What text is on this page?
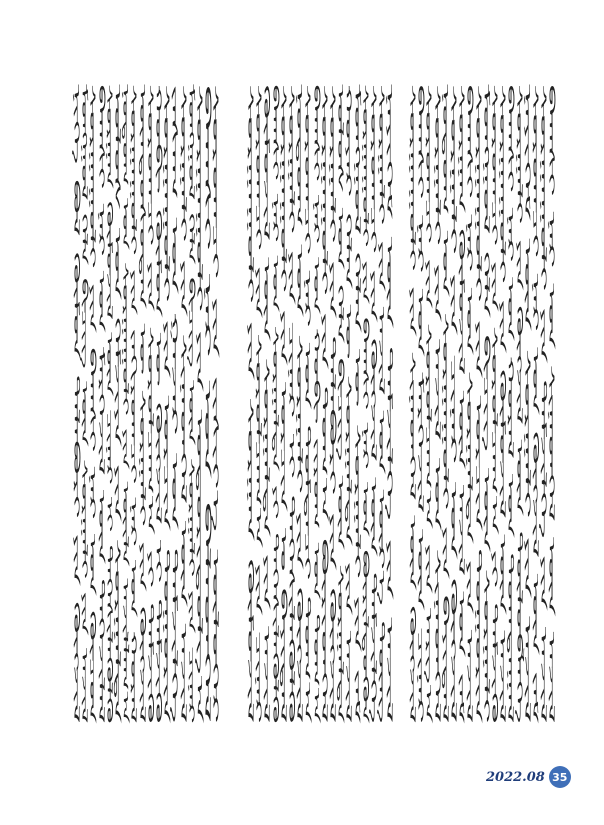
ᠨᠢᠭᠡ ᠪᠣᠯ ᠬᠦᠮᠦᠨ ᠲᠠᠯᠠᠪᠤᠷᠢ ᠶᠢᠨ ᠬᠦᠭᠵᠢᠯ ᠮᠤᠩᠭᠤᠯ ᠬᠡᠯᠡ ᠪᠢᠴᠢᠭ ᠦᠨ ᠰᠤᠷᠭᠠᠯᠢ ᠶᠢᠨ ᠠᠵᠢᠯ ᠰᠤᠷᠭᠠᠭᠤᠯᠢ ᠶᠢᠨ ᠪᠠᠭᠰᠢ ᠨᠠᠷ ᠤᠨ ᠬᠦᠴᠦᠨ ᠪᠠᠭᠰᠢ ᠨᠠᠷ ᠤᠨ ᠮᠡᠷᠭᠡᠵᠢᠯ ᠦᠨ ᠳᠡᠭᠡᠵᠢᠯᠡᠯ ᠰᠤᠷᠭᠠᠨ ᠬᠦᠮᠦᠵᠢᠯ ᠦᠨ ᠴᠢᠨᠠᠷ ᠢ ᠳᠡᠭᠡᠰᠢᠯᠡᠭᠦᠯᠬᠦ ᠤᠯᠤᠰ ᠤᠨ ᠬᠡᠮᠵᠢᠶᠡ ᠶᠢᠨ ᠰᠤᠷᠭᠠᠯᠲᠠ ᠨᠤᠲᠤᠭ ᠤᠨ ᠰᠤᠷᠭᠠᠭᠤᠯᠢ ᠶᠢᠨ ᠦᠢᠯᠡ ᠠᠵᠢᠯᠯᠠᠭ᠎ᠠ ᠰᠤᠷᠭᠠᠭᠤᠯᠢ ᠶᠢᠨ ᠵᠠᠬᠢᠷᠤᠭᠴᠢ ᠨᠠᠷ ᠤᠨ ᠬᠤᠷᠠᠯ ᠦᠨᠳᠦᠰᠦᠲᠡᠨ ᠦ ᠰᠤᠷᠭᠠᠯᠢ ᠶᠢᠨ ᠬᠦᠭᠵᠢᠯ ᠰᠤᠷᠤᠭᠴᠢ ᠶᠢᠨ ᠰᠤᠷᠤᠯᠴᠠᠭ᠎ᠠ ᠶᠢ ᠳᠡᠮᠵᠢᠬᠦ ᠬᠤᠪᠢ ᠬᠦᠮᠦᠨ ᠦ ᠬᠦᠭᠵᠢᠯ ᠢ ᠳᠡᠮᠵᠢᠬᠦ ᠰᠤᠷᠭᠠᠭᠤᠯᠢ ᠶᠢᠨ ᠣᠷᠴᠢᠨ ᠲᠣᠭᠣᠷᠢᠨ ᠵᠠᠰᠠᠭ ᠤᠨ ᠭᠠᠵᠠᠷ ᠤᠨ ᠳᠡᠮᠵᠢᠯᠭᠡ ᠰᠤᠷᠭᠠᠯᠢ ᠶᠢᠨ ᠰᠢᠨᠡᠳᠬᠡᠯ ᠦᠨ ᠠᠵᠢᠯ ᠮᠣᠩᠭᠣᠯ ᠬᠡᠯᠡ ᠪᠢᠴᠢᠭ ᠦᠨ ᠰᠤᠷᠭᠠᠯᠢ ᠶᠢᠨ ᠴᠢᠨᠠᠷ ᠰᠤᠷᠭᠠᠭᠤᠯᠢ ᠶᠢᠨ ᠤᠳᠤᠷᠢᠳᠤᠯᠭ᠎ᠠ ᠪᠠᠭᠰᠢ ᠨᠠᠷ ᠤᠨ ᠪᠡᠯᠡᠳᠬᠡᠯ ᠰᠤᠷᠤᠭᠴᠢ ᠶᠢᠨ ᠵᠢᠰᠢᠶ᠎ᠡ ᠦᠯᠦᠬᠡᠷ	ᠰᠤᠷᠭᠠᠭᠤᠯᠢ ᠶᠢᠨ ᠰᠤᠷᠭᠠᠨ ᠬᠦᠮᠦᠵᠢᠯ ᠰᠤᠷᠤᠭᠴᠢ ᠶᠢᠨ ᠰᠤᠷᠤᠯᠴᠠᠭ᠎ᠠ ᠶᠢᠨ ᠴᠢᠨᠠᠷ ᠬᠦᠮᠦᠵᠢᠯ ᠦᠨ ᠰᠤᠷᠭᠠᠯᠲᠠ ᠶᠢᠨ ᠠᠵᠢᠯ ᠪᠠᠭᠰᠢ ᠨᠠᠷ ᠤᠨ ᠰᠤᠷᠭᠠᠯᠲᠠ ᠶᠢ ᠳᠡᠭᠡᠰᠢᠯᠡᠭᠦᠯᠬᠦ ᠰᠤᠷᠭᠠᠭᠤᠯᠢ ᠶᠢᠨ ᠣᠷᠴᠢᠨ ᠤ ᠪᠠᠶᠢᠳᠠᠯ ᠰᠤᠷᠭᠠᠯᠢ ᠶᠢᠨ ᠴᠢᠨᠠᠷ ᠢ ᠳᠡᠭᠡᠰᠢᠯᠡᠭᠦᠯᠬᠦ ᠨᠤᠲᠤᠭ ᠤᠨ ᠰᠤᠷᠭᠠᠯᠢ ᠶᠢᠨ ᠬᠦᠭᠵᠢᠯ ᠰᠤᠷᠤᠭᠴᠢ ᠨᠠᠷ ᠤᠨ ᠳᠤᠮᠳᠠᠴᠢ ᠲᠤᠭ᠎ᠠ ᠪᠠᠭᠰᠢ ᠨᠠᠷ ᠤᠨ ᠬᠤᠪᠢ ᠵᠢᠷᠤᠭ ᠤᠨ ᠲᠤᠭ᠎ᠠ ᠰᠤᠷᠭᠠᠭᠤᠯᠢ ᠶᠢᠨ ᠲᠣᠭ᠎ᠠ ᠪᠦᠷᠢᠳᠭᠡᠯ ᠰᠤᠷᠭᠠᠯᠢ ᠶᠢᠨ ᠲᠠᠯᠠᠪᠤᠷᠢ ᠶᠢᠨ ᠬᠦᠭᠵᠢᠯ ᠤᠯᠤᠰ ᠤᠨ ᠬᠡᠯᠡ ᠪᠢᠴᠢᠭ ᠦᠨ ᠰᠤᠷᠭᠠᠯᠲᠠ ᠬᠤᠶᠠᠷ ᠬᠡᠯᠡᠨ ᠦ ᠰᠤᠷᠭᠠᠯᠲᠠ ᠶᠢᠨ ᠠᠵᠢᠯ ᠮᠣᠩᠭᠣᠯ ᠬᠡᠯᠡᠨ ᠦ ᠰᠤᠷᠭᠠᠯᠢ ᠶᠢᠨ ᠵᠠᠮ ᠰᠤᠷᠭᠠᠭᠤᠯᠢ ᠶᠢᠨ ᠪᠠᠭᠰᠢ ᠨᠠᠷ ᠤᠨ ᠪᠦᠷᠢᠯᠳᠦᠭᠦᠨ ᠰᠤᠷᠤᠭᠴᠢ ᠶᠢᠨ ᠬᠦᠭᠵᠢᠯ ᠦᠨ ᠳᠡᠮᠵᠢᠯᠭᠡ ᠰᠤᠷᠭᠠᠯᠢ ᠶᠢᠨ ᠠᠵᠢᠯ ᠤᠨ ᠦᠷ᠎ᠡ ᠳᠦᠩ ᠨᠡᠶᠢᠭᠡᠮ ᠦᠨ ᠳᠡᠮᠵᠢᠯᠭᠡ ᠶᠢᠨ ᠠᠵᠢᠯ ᠰᠤᠷᠭᠠᠭᠤᠯᠢ ᠶᠢᠨ ᠰᠢᠨᠡᠳᠬᠡᠯ ᠦᠨ ᠬᠦᠭᠵᠢᠯ ᠪᠠᠭᠰᠢ ᠨᠠᠷ ᠤᠨ ᠮᠡᠷᠭᠡᠵᠢᠯ ᠦᠨ ᠴᠢᠨᠠᠷ ᠰᠤᠷᠤᠭᠴᠢ ᠶᠢᠨ ᠰᠤᠷᠤᠯᠴᠠᠭ᠎ᠠ ᠶᠢᠨ ᠠᠷᠭ᠎ᠠ ᠰᠤᠷᠭᠠᠯᠢ ᠶᠢᠨ ᠠᠵᠢᠯ ᠤᠨ ᠰᠢᠨᠡᠳᠬᠡᠯ ᠨᠤᠲᠤᠭ ᠤᠨ ᠰᠤᠷᠭᠠᠭᠤᠯᠢ ᠶᠢᠨ ᠪᠠᠶᠢᠳᠠᠯ ᠰᠤᠷᠭᠠᠯᠢ ᠶᠢᠨ ᠴᠢᠨᠠᠷ ᠤᠨ ᠬᠦᠭᠵᠢᠯ ᠰᠤᠷᠭᠠᠨ ᠬᠦᠮᠦᠵᠢᠯ ᠦᠨ ᠠᠵᠢᠯ ᠤᠨ ᠵᠠᠮ ᠪᠠᠭᠰᠢ ᠨᠠᠷ ᠤᠨ ᠰᠤᠷᠭᠠᠯᠲᠠ ᠶᠢᠨ ᠠᠵᠢᠯ ᠰᠤᠷᠭᠠᠭᠤᠯᠢ ᠶᠢᠨ ᠣᠷᠴᠢᠨ ᠲᠣᠭᠣᠷᠢᠨ ᠮᠣᠩᠭᠣᠯ ᠬᠡᠯᠡ ᠪᠢᠴᠢᠭ ᠦᠨ ᠰᠤᠷᠭᠠᠯᠢ ᠰᠤᠷᠤᠭᠴᠢ ᠶᠢᠨ ᠰᠤᠷᠤᠯᠴᠠᠭ᠎ᠠ ᠶᠢ ᠳᠡᠮᠵᠢᠬᠦ ᠰᠤᠷᠭᠠᠭᠤᠯᠢ ᠶᠢᠨ ᠬᠦᠮᠦᠵᠢᠯ ᠦᠨ ᠠᠵᠢᠯ ᠪᠠᠭᠰᠢ ᠨᠠᠷ ᠤᠨ ᠬᠤᠷᠠᠯ ᠤᠨ ᠲᠣᠭᠲᠠᠭᠠᠯ ᠰᠤᠷᠭᠠᠯᠢ ᠶᠢᠨ ᠬᠦᠭᠵᠢᠯ ᠦᠨ ᠲᠥᠯᠥᠪᠯᠡᠭᠡ ᠨᠡᠶᠢᠭᠡᠮ ᠦᠨ ᠰᠤᠷᠭᠠᠯᠢ ᠶᠢᠨ ᠠᠵᠢᠯ ᠰᠤᠷᠤᠭᠴᠢ ᠨᠠᠷ ᠤᠨ ᠬᠦᠭᠵᠢᠯ ᠦᠨ ᠵᠠᠮ ᠰᠤᠷᠭᠠᠭᠤᠯᠢ ᠶᠢᠨ ᠳᠡᠮᠵᠢᠯᠭᠡ ᠶᠢᠨ ᠠᠵᠢᠯ ᠪᠠᠭᠰᠢ ᠨᠠᠷ ᠤᠨ ᠰᠢᠨᠡᠳᠬᠡᠯ ᠦᠨ ᠠᠵᠢᠯ
2022.08 35
